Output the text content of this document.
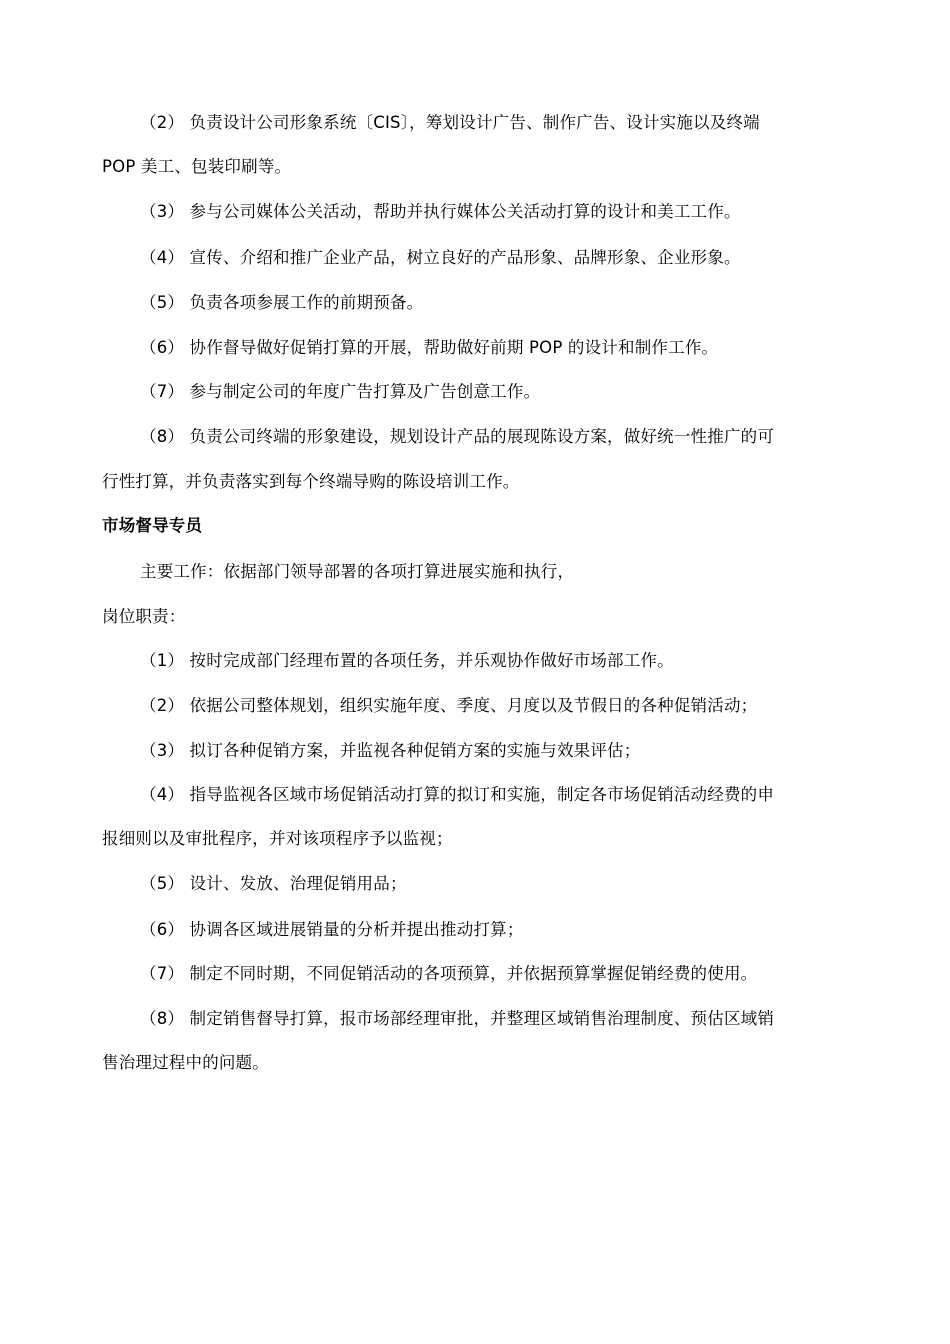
（2） 负责设计公司形象系统〔CIS〕，筹划设计广告、制作广告、设计实施以及终端
POP 美工、包装印刷等。
（3） 参与公司媒体公关活动，帮助并执行媒体公关活动打算的设计和美工工作。
（4） 宣传、介绍和推广企业产品，树立良好的产品形象、品牌形象、企业形象。
（5） 负责各项参展工作的前期预备。
（6） 协作督导做好促销打算的开展，帮助做好前期 POP 的设计和制作工作。
（7） 参与制定公司的年度广告打算及广告创意工作。
（8） 负责公司终端的形象建设，规划设计产品的展现陈设方案，做好统一性推广的可
行性打算，并负责落实到每个终端导购的陈设培训工作。
市场督导专员
主要工作：依据部门领导部署的各项打算进展实施和执行，
岗位职责：
（1） 按时完成部门经理布置的各项任务，并乐观协作做好市场部工作。
（2） 依据公司整体规划，组织实施年度、季度、月度以及节假日的各种促销活动；
（3） 拟订各种促销方案，并监视各种促销方案的实施与效果评估；
（4） 指导监视各区域市场促销活动打算的拟订和实施，制定各市场促销活动经费的申
报细则以及审批程序，并对该项程序予以监视；
（5） 设计、发放、治理促销用品；
（6） 协调各区域进展销量的分析并提出推动打算；
（7） 制定不同时期，不同促销活动的各项预算，并依据预算掌握促销经费的使用。
（8） 制定销售督导打算，报市场部经理审批，并整理区域销售治理制度、预估区域销
售治理过程中的问题。
